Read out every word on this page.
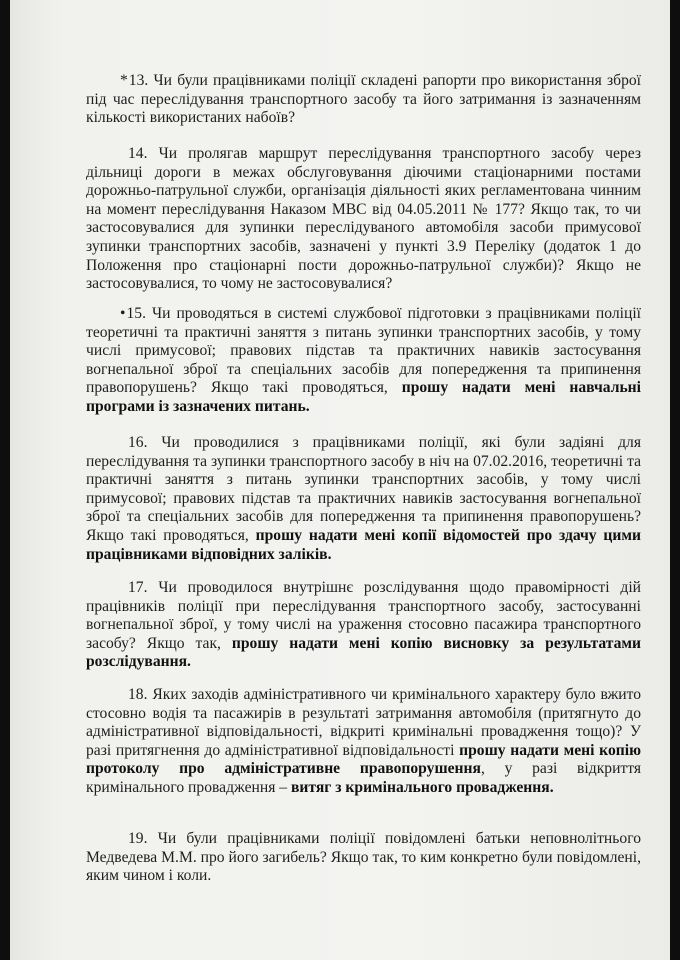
*13. Чи були працівниками поліції складені рапорти про використання зброї під час переслідування транспортного засобу та його затримання із зазначенням кількості використаних набоїв?
14. Чи пролягав маршрут переслідування транспортного засобу через дільниці дороги в межах обслуговування діючими стаціонарними постами дорожньо-патрульної служби, організація діяльності яких регламентована чинним на момент переслідування Наказом МВС від 04.05.2011 № 177? Якщо так, то чи застосовувалися для зупинки переслідуваного автомобіля засоби примусової зупинки транспортних засобів, зазначені у пункті 3.9 Переліку (додаток 1 до Положення про стаціонарні пости дорожньо-патрульної служби)? Якщо не застосовувалися, то чому не застосовувалися?
•15. Чи проводяться в системі службової підготовки з працівниками поліції теоретичні та практичні заняття з питань зупинки транспортних засобів, у тому числі примусової; правових підстав та практичних навиків застосування вогнепальної зброї та спеціальних засобів для попередження та припинення правопорушень? Якщо такі проводяться, прошу надати мені навчальні програми із зазначених питань.
16. Чи проводилися з працівниками поліції, які були задіяні для переслідування та зупинки транспортного засобу в ніч на 07.02.2016, теоретичні та практичні заняття з питань зупинки транспортних засобів, у тому числі примусової; правових підстав та практичних навиків застосування вогнепальної зброї та спеціальних засобів для попередження та припинення правопорушень? Якщо такі проводяться, прошу надати мені копії відомостей про здачу цими працівниками відповідних заліків.
17. Чи проводилося внутрішнє розслідування щодо правомірності дій працівників поліції при переслідування транспортного засобу, застосуванні вогнепальної зброї, у тому числі на ураження стосовно пасажира транспортного засобу? Якщо так, прошу надати мені копію висновку за результатами розслідування.
18. Яких заходів адміністративного чи кримінального характеру було вжито стосовно водія та пасажирів в результаті затримання автомобіля (притягнуто до адміністративної відповідальності, відкриті кримінальні провадження тощо)? У разі притягнення до адміністративної відповідальності прошу надати мені копію протоколу про адміністративне правопорушення, у разі відкриття кримінального провадження – витяг з кримінального провадження.
19. Чи були працівниками поліції повідомлені батьки неповнолітнього Медведева М.М. про його загибель? Якщо так, то ким конкретно були повідомлені, яким чином і коли.
